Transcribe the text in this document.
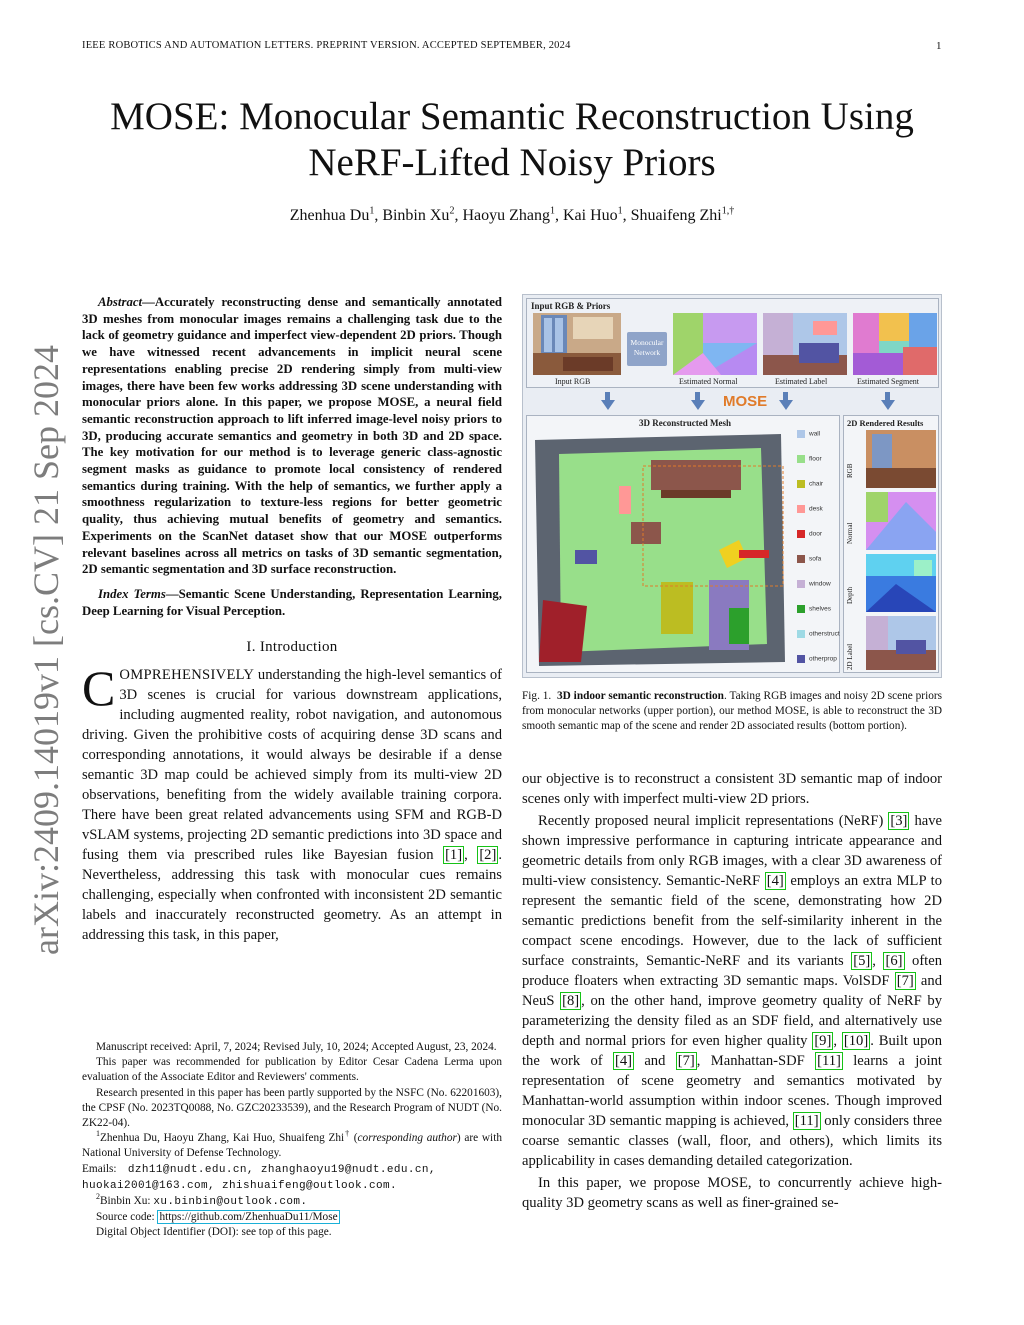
IEEE ROBOTICS AND AUTOMATION LETTERS. PREPRINT VERSION. ACCEPTED SEPTEMBER, 2024	1
arXiv:2409.14019v1 [cs.CV] 21 Sep 2024
MOSE: Monocular Semantic Reconstruction Using
NeRF-Lifted Noisy Priors
Zhenhua Du$^1$, Binbin Xu$^2$, Haoyu Zhang$^1$, Kai Huo$^1$, Shuaifeng Zhi$^{1,\dagger}$

Abstract—Accurately reconstructing dense and semantically annotated 3D meshes from monocular images remains a challenging task due to the lack of geometry guidance and imperfect view-dependent 2D priors. Though we have witnessed recent advancements in implicit neural scene representations enabling precise 2D rendering simply from multi-view images, there have been few works addressing 3D scene understanding with monocular priors alone. In this paper, we propose MOSE, a neural field semantic reconstruction approach to lift inferred image-level noisy priors to 3D, producing accurate semantics and geometry in both 3D and 2D space. The key motivation for our method is to leverage generic class-agnostic segment masks as guidance to promote local consistency of rendered semantics during training. With the help of semantics, we further apply a smoothness regularization to texture-less regions for better geometric quality, thus achieving mutual benefits of geometry and semantics. Experiments on the ScanNet dataset show that our MOSE outperforms relevant baselines across all metrics on tasks of 3D semantic segmentation, 2D semantic segmentation and 3D surface reconstruction.

Index Terms—Semantic Scene Understanding, Representation Learning, Deep Learning for Visual Perception.

I. Introduction

COMPREHENSIVELY understanding the high-level semantics of 3D scenes is crucial for various downstream applications, including augmented reality, robot navigation, and autonomous driving. Given the prohibitive costs of acquiring dense 3D scans and corresponding annotations, it would always be desirable if a dense semantic 3D map could be achieved simply from its multi-view 2D observations, benefiting from the widely available training corpora. There have been great related advancements using SFM and RGB-D vSLAM systems, projecting 2D semantic predictions into 3D space and fusing them via prescribed rules like Bayesian fusion [1] , [2] . Nevertheless, addressing this task with monocular cues remains challenging, especially when confronted with inconsistent 2D semantic labels and inaccurately reconstructed geometry. As an attempt in addressing this task, in this paper,

Manuscript received: April, 7, 2024; Revised July, 10, 2024; Accepted August, 23, 2024.

This paper was recommended for publication by Editor Cesar Cadena Lerma upon evaluation of the Associate Editor and Reviewers' comments.

Research presented in this paper has been partly supported by the NSFC (No. 62201603), the CPSF (No. 2023TQ0088, No. GZC20233539), and the Research Program of NUDT (No. ZK22-04).

$^1$Zhenhua Du, Haoyu Zhang, Kai Huo, Shuaifeng Zhi† (corresponding author) are with National University of Defense Technology.

Emails: dzh11@nudt.edu.cn, zhanghaoyu19@nudt.edu.cn,

huokai2001@163.com, zhishuaifeng@outlook.com.

$^2$Binbin Xu: xu.binbin@outlook.com.

Source code: https://github.com/ZhenhuaDu11/Mose

Digital Object Identifier (DOI): see top of this page.

Input RGB & Priors
Monocular Network
Input RGB	Estimated Normal	Estimated Label	Estimated Segment
MOSE
3D Reconstructed Mesh
wall
floor
chair
desk
door
sofa
window
shelves
otherstruct
otherprop
2D Rendered Results
RGB
Normal
Depth
2D Label
Fig. 1. 3D indoor semantic reconstruction. Taking RGB images and noisy 2D scene priors from monocular networks (upper portion), our method MOSE, is able to reconstruct the 3D smooth semantic map of the scene and render 2D associated results (bottom portion).

our objective is to reconstruct a consistent 3D semantic map of indoor scenes only with imperfect multi-view 2D priors.

Recently proposed neural implicit representations (NeRF) [3] have shown impressive performance in capturing intricate appearance and geometric details from only RGB images, with a clear 3D awareness of multi-view consistency. Semantic-NeRF [4] employs an extra MLP to represent the semantic field of the scene, demonstrating how 2D semantic predictions benefit from the self-similarity inherent in the compact scene encodings. However, due to the lack of sufficient surface constraints, Semantic-NeRF and its variants [5] , [6] often produce floaters when extracting 3D semantic maps. VolSDF [7] and NeuS [8] , on the other hand, improve geometry quality of NeRF by parameterizing the density filed as an SDF field, and alternatively use depth and normal priors for even higher quality [9] , [10] . Built upon the work of [4] and [7] , Manhattan-SDF [11] learns a joint representation of scene geometry and semantics motivated by Manhattan-world assumption within indoor scenes. Though improved monocular 3D semantic mapping is achieved, [11] only considers three coarse semantic classes (wall, floor, and others), which limits its applicability in cases demanding detailed categorization.

In this paper, we propose MOSE, to concurrently achieve high-quality 3D geometry scans as well as finer-grained se-
